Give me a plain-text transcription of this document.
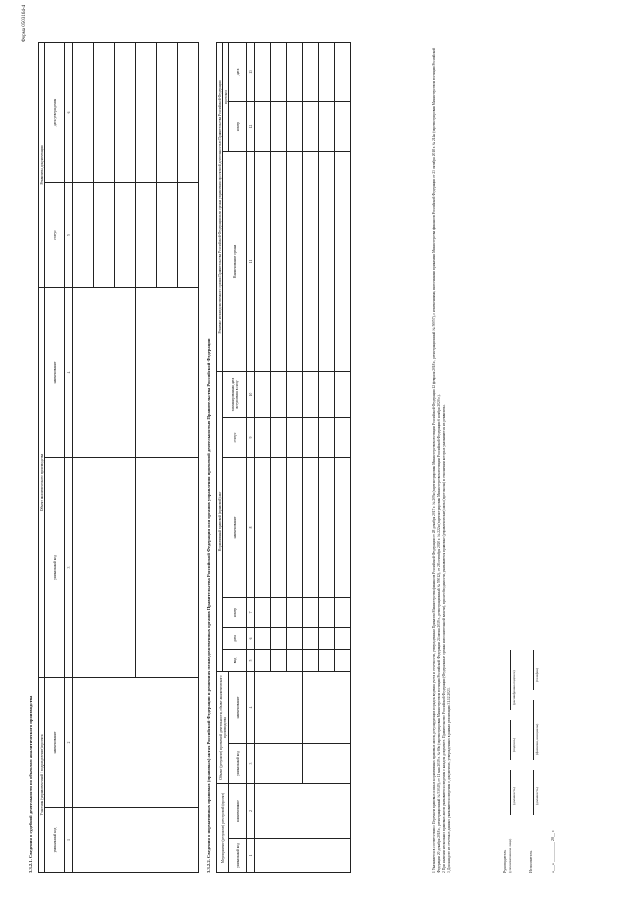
Форма 0503164-4
3.3.2.1. Сведения о судебной деятельности по объектам аналитического производства Участник (управленческий / подразделение) проекта		Объект аналитического производства		Реквизиты документации	
уникальный код	наименование	уникальный код	наименование	статус	дата утверждения
1	2	3	4	5	6

3.3.2.2. Сведения о нормативных правовых (правовых) актах Российской Федерации и решениях межведомственных органов Правительства Российской Федерации или органов управления проектной деятельностью Правительства Российской Федерации	Мероприятие (результат) реестровой (проект)		Объект (результат) проектной деятельности, объект аналитического производства		Нормативный правовой (правовой) акт						Решение межведомственного органа Правительства Российской Федерации или органа управления проектной деятельностью Правительства Российской Федерации		
				вид	дата	номер	наименование	статус	запланированная дата вступления в силу	Наименование органа	протокол	
уникальный код	наименование	уникальный код	наименование								номер	дата
1	2	3	4	5	6	7	8	9	10	11	12	13

									1 Указывается в соответствии с Перечнем правовых и иных нормативных правовых актов, регулирующих порядок ведения учета и отчетности, утвержденным Приказом Министерства финансов Российской Федерации от 28 декабря 2017 г. № 209н (зарегистрирован Министерством юстиции Российской Федерации 12 февраля 2018 г., регистрационный № 50057), с изменениями, внесенными приказами Министерства финансов Российской Федерации от 23 октября 2018 г. № 214н (зарегистрирован Министерством юстиции Российской Федерации 20 декабря 2018 г., регистрационный № 53049), от 11 мая 2019 г. № 69н (зарегистрирован Министерством юстиции Российской Федерации 24 июня 2019 г., регистрационный № 55012), от 28 сентября 2020 г. № 222н (зарегистрирован Министерством юстиции Российской Федерации 6 ноября 2020 г.). 2 При наличии нескольких правовых актов указываются сведения о каждом документе. Правительство Российской Федерации (Федеральные органы исполнительной власти), при необходимости, указываются правовые (управленческие) акты (протоколы) в отношении которых указываются их реквизиты. 3 Для каждого из отчетных данных указываются сведения о документах, утвержденных в рамках реализации 31.12.2023.	Руководитель (уполномоченное лицо)
(должность)
(подпись)
(расшифровка подписи)
Исполнитель
(должность)
(фамилия, инициалы)
(телефон)
«___» __________ 20__ г.
